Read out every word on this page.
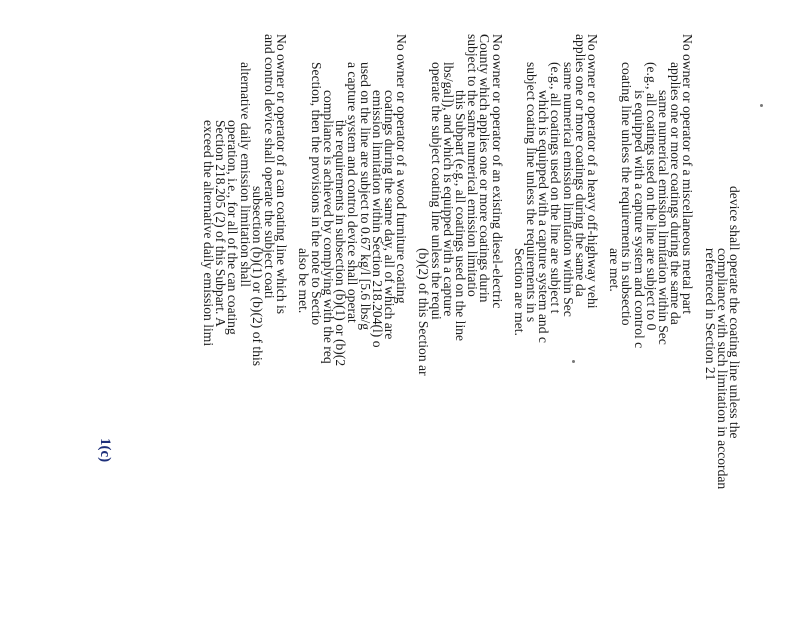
device shall operate the coating line unless the
compliance with such limitation in accordan
referenced in Section 21
No owner or operator of a miscellaneous metal part
applies one or more coatings during the same da
same numerical emission limitation within Sec
(e.g., all coatings used on the line are subject to 0
is equipped with a capture system and control c
coating line unless the requirements in subsectio
are met.
No owner or operator of a heavy off-highway vehi
applies one or more coatings during the same da
same numerical emission limitation within Sec
(e.g., all coatings used on the line are subject t
which is equipped with a capture system and c
subject coating line unless the requirements in s
Section are met.
No owner or operator of an existing diesel-electric
County which applies one or more coatings durin
subject to the same numerical emission limitatio
this Subpart (e.g., all coatings used on the line
lbs/gal]), and which is equipped with a capture
operate the subject coating line unless the requi
(b)(2) of this Section ar
No owner or operator of a wood furniture coating
coatings during the same day, all of which are
emission limitation within Section 218.204(l) o
used on the line are subject to 0.67 kg/l [5.6 lbs/g
a capture system and control device shall operat
the requirements in subsection (b)(1) or (b)(2
compliance is achieved by complying with the req
Section, then the provisions in the note to Sectio
also be met.
No owner or operator of a can coating line which is
and control device shall operate the subject coati
subsection (b)(1) or (b)(2) of this
alternative daily emission limitation shall
operation, i.e., for all of the can coating
Section 218.205 (2) of this Subpart. A
exceed the alternative daily emission limi
1(c)
